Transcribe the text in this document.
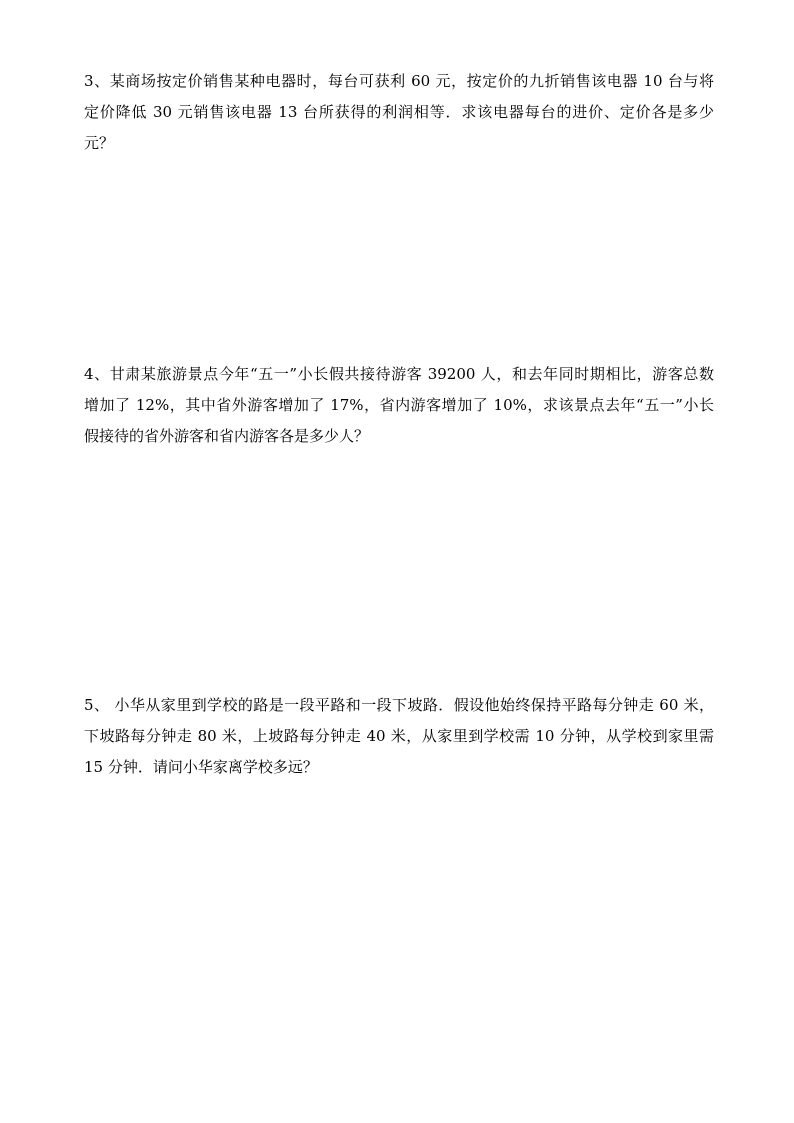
3、某商场按定价销售某种电器时，每台可获利 60 元，按定价的九折销售该电器 10 台与将
定价降低 30 元销售该电器 13 台所获得的利润相等．求该电器每台的进价、定价各是多少
元？
4、甘肃某旅游景点今年“五一”小长假共接待游客 39200 人，和去年同时期相比，游客总数
增加了 12%，其中省外游客增加了 17%，省内游客增加了 10%，求该景点去年“五一”小长
假接待的省外游客和省内游客各是多少人？
5、 小华从家里到学校的路是一段平路和一段下坡路．假设他始终保持平路每分钟走 60 米，
下坡路每分钟走 80 米，上坡路每分钟走 40 米，从家里到学校需 10 分钟，从学校到家里需
15 分钟．请问小华家离学校多远？
